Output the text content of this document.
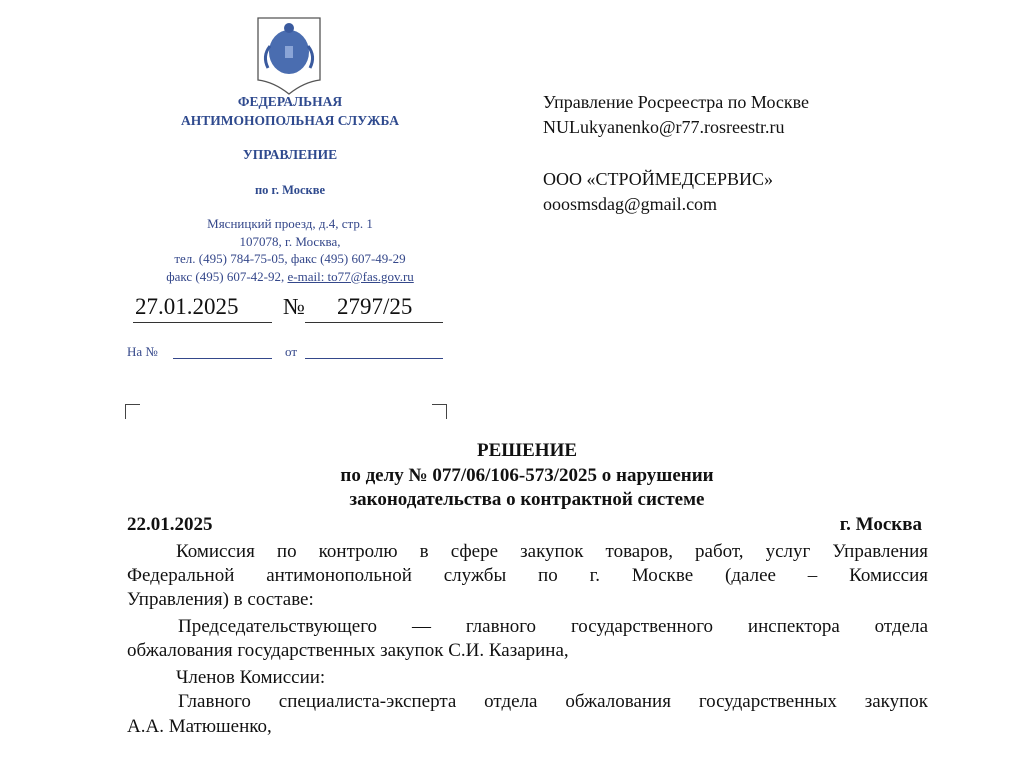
ФЕДЕРАЛЬНАЯ
АНТИМОНОПОЛЬНАЯ СЛУЖБА
УПРАВЛЕНИЕ
по г. Москве
Мясницкий проезд, д.4, стр. 1
107078, г. Москва,
тел. (495) 784-75-05, факс (495) 607-49-29
факс (495) 607-42-92, e-mail: to77@fas.gov.ru
27.01.2025 № 2797/25
На №	от
Управление Росреестра по Москве
NULukyanenko@r77.rosreestr.ru
ООО «СТРОЙМЕДСЕРВИС»
ooosmsdag@gmail.com
РЕШЕНИЕ
по делу № 077/06/106-573/2025 о нарушении
законодательства о контрактной системе
22.01.2025	г. Москва
Комиссия по контролю в сфере закупок товаров, работ, услуг Управления
Федеральной антимонопольной службы по г. Москве (далее – Комиссия
Управления) в составе:
Председательствующего — главного государственного инспектора отдела
обжалования государственных закупок С.И. Казарина,
Членов Комиссии:
Главного специалиста-эксперта отдела обжалования государственных закупок
А.А. Матюшенко,
